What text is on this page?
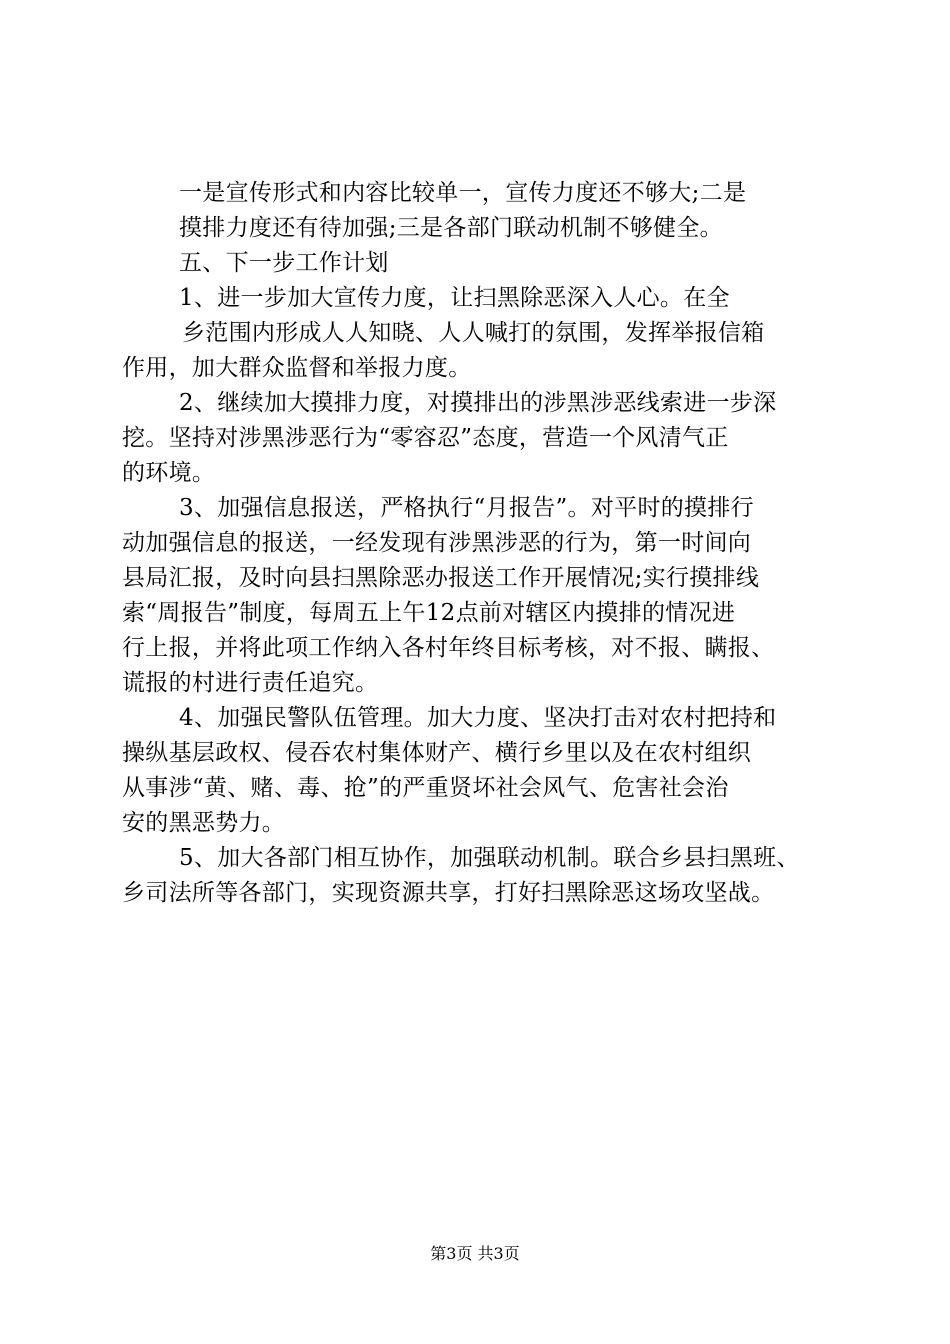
一是宣传形式和内容比较单一，宣传力度还不够大;二是
摸排力度还有待加强;三是各部门联动机制不够健全。
五、下一步工作计划
1、进一步加大宣传力度，让扫黑除恶深入人心。在全
乡范围内形成人人知晓、人人喊打的氛围，发挥举报信箱
作用，加大群众监督和举报力度。
2、继续加大摸排力度，对摸排出的涉黑涉恶线索进一步深
挖。坚持对涉黑涉恶行为“零容忍”态度，营造一个风清气正
的环境。
3、加强信息报送，严格执行“月报告”。对平时的摸排行
动加强信息的报送，一经发现有涉黑涉恶的行为，第一时间向
县局汇报，及时向县扫黑除恶办报送工作开展情况;实行摸排线
索“周报告”制度，每周五上午12点前对辖区内摸排的情况进
行上报，并将此项工作纳入各村年终目标考核，对不报、瞒报、
谎报的村进行责任追究。
4、加强民警队伍管理。加大力度、坚决打击对农村把持和
操纵基层政权、侵吞农村集体财产、横行乡里以及在农村组织
从事涉“黄、赌、毒、抢”的严重贤坏社会风气、危害社会治
安的黑恶势力。
5、加大各部门相互协作，加强联动机制。联合乡县扫黑班、
乡司法所等各部门，实现资源共享，打好扫黑除恶这场攻坚战。
第3页 共3页
